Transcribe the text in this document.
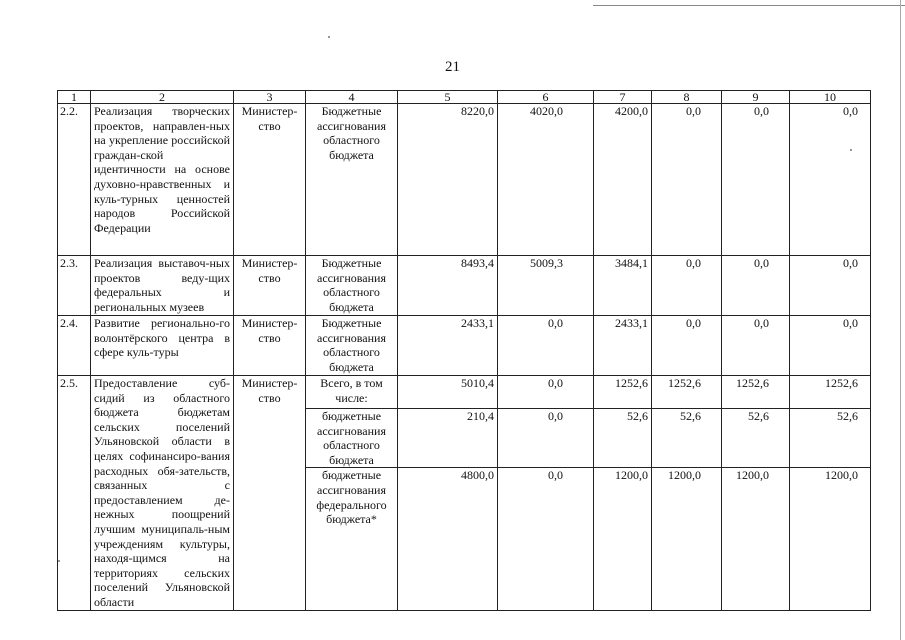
21
1	2	3	4	5	6	7	8	9	10
2.2.	Реализация творческих проектов, направлен-ных на укрепление российской граждан-ской идентичности на основе духовно-нравственных и куль-турных ценностей народов Российской Федерации	Министер-ство	Бюджетные ассигнования областного бюджета	8220,0	4020,0	4200,0	0,0	0,0	0,0
2.3.	Реализация выставоч-ных проектов веду-щих федеральных и региональных музеев	Министер-ство	Бюджетные ассигнования областного бюджета	8493,4	5009,3	3484,1	0,0	0,0	0,0
2.4.	Развитие регионально-го волонтёрского центра в сфере куль-туры	Министер-ство	Бюджетные ассигнования областного бюджета	2433,1	0,0	2433,1	0,0	0,0	0,0
2.5.	Предоставление суб-сидий из областного бюджета бюджетам сельских поселений Ульяновской области в целях софинансиро-вания расходных обя-зательств, связанных с предоставлением де-нежных поощрений лучшим муниципаль-ным учреждениям культуры, находя-щимся на территориях сельских поселений Ульяновской области	Министер-ство	Всего, в том числе:	5010,4	0,0	1252,6	1252,6	1252,6	1252,6
			бюджетные ассигнования областного бюджета	210,4	0,0	52,6	52,6	52,6	52,6
			бюджетные ассигнования федерального бюджета*	4800,0	0,0	1200,0	1200,0	1200,0	1200,0
